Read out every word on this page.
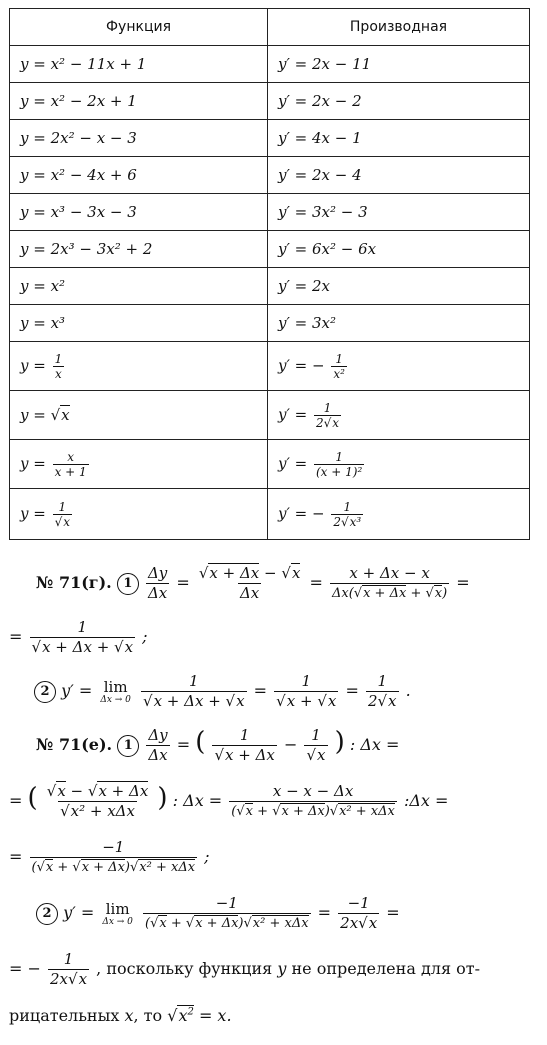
Функция	Производная
y = x² − 11x + 1	y′ = 2x − 11
y = x² − 2x + 1	y′ = 2x − 2
y = 2x² − x − 3	y′ = 4x − 1
y = x² − 4x + 6	y′ = 2x − 4
y = x³ − 3x − 3	y′ = 3x² − 3
y = 2x³ − 3x² + 2	y′ = 6x² − 6x
y = x²	y′ = 2x
y = x³	y′ = 3x²
$y = \frac{1}{x}$	y′ = − $\frac{1}{\text{x²}}$

y = √x	$y' = \frac{1}{2√x}$

$y = \frac{x}{x + 1}$	$y' = \frac{1}{\text{(x + 1)²}}$

$y = \frac{1}{√x}$	y′ = − $\frac{1}{\text{2√x³}}$
№ 71(г). $1 \frac{\Delta y}{\Delta x} = \frac{√x + \Delta x - √x}{\Delta x} = \frac{x + \Delta x - x}{\Delta x(√x + \Delta x + √x)}$ =
= $\frac{1}{√x + \Delta x + √x}$ ;
2 y′ = lim
Δx → 0
$\frac{1}{√x + \Delta x + √x} = \frac{1}{√x + √x} = \frac{1}{2√x}$ .
№ 71(е). $1 \frac{\Delta y}{\Delta x}$ = ( $\frac{1}{√x + \Delta x} - \frac{1}{√x}$ ) : Δx =
= ( $\frac{√x - √x + \Delta x}{\text{√x² + xΔx}}$ ) : $\Delta x = \frac{x - x - \Delta x}{\text{(√x + √x + Δx)√x² + xΔx}}$ :Δx =
= $\frac{-1}{\text{(√x + √x + Δx)√x² + xΔx}}$ ;
2 y′ = lim
Δx → 0
$\frac{-1}{\text{(√x + √x + Δx)√x² + xΔx}} = \frac{-1}{2x√x}$ =
= − $\frac{1}{2x√x}$ , поскольку функция y не определена для от-
рицательных x, то $√x^2 = x$.
